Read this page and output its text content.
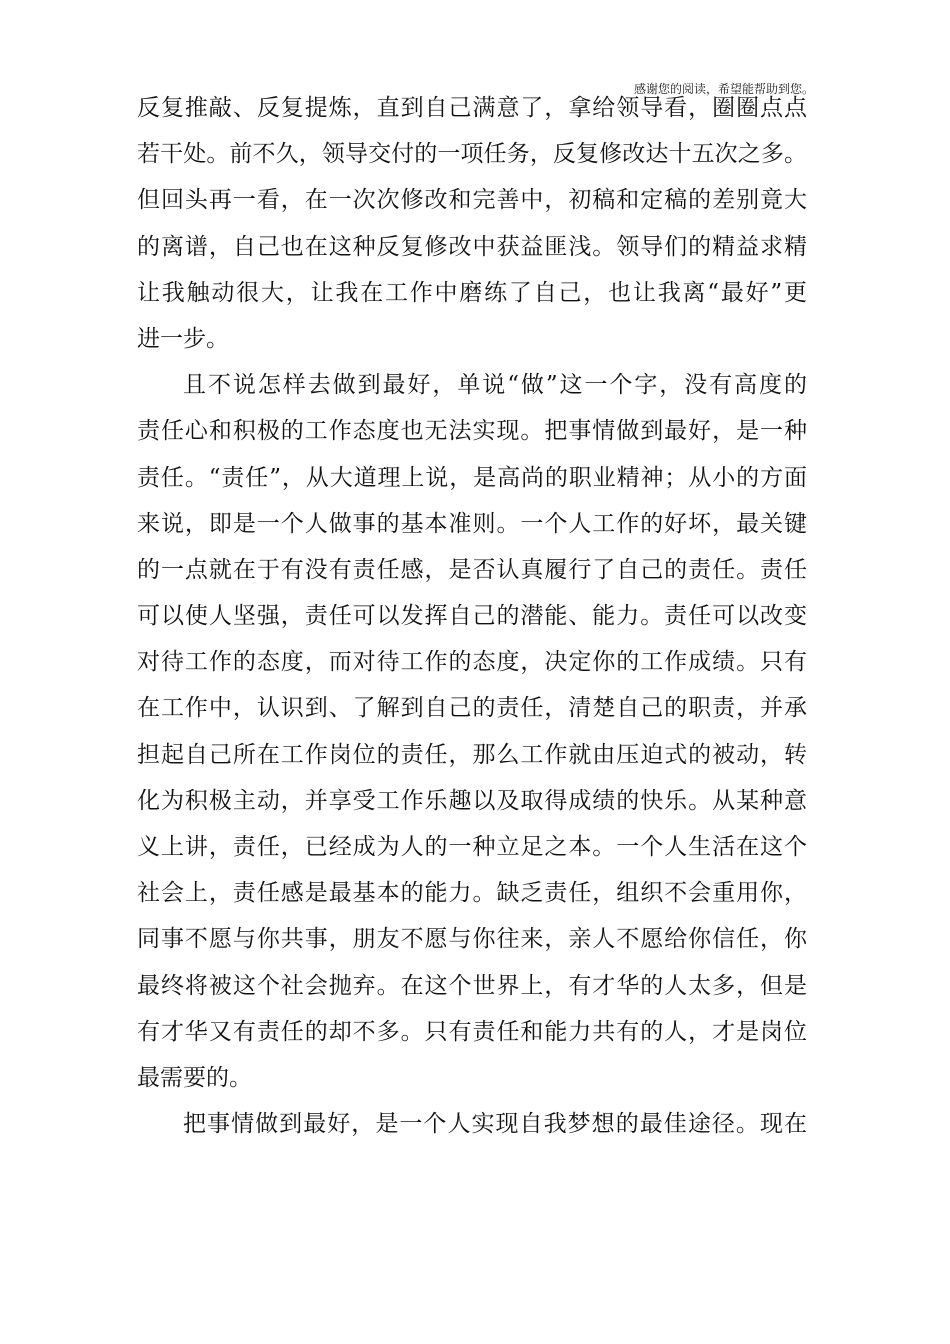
感谢您的阅读，希望能帮助到您。
反复推敲、反复提炼，直到自己满意了，拿给领导看，圈圈点点
若干处。前不久，领导交付的一项任务，反复修改达十五次之多。
但回头再一看，在一次次修改和完善中，初稿和定稿的差别竟大
的离谱，自己也在这种反复修改中获益匪浅。领导们的精益求精
让我触动很大，让我在工作中磨练了自己，也让我离“最好”更
进一步。
且不说怎样去做到最好，单说“做”这一个字，没有高度的
责任心和积极的工作态度也无法实现。把事情做到最好，是一种
责任。“责任”，从大道理上说，是高尚的职业精神；从小的方面
来说，即是一个人做事的基本准则。一个人工作的好坏，最关键
的一点就在于有没有责任感，是否认真履行了自己的责任。责任
可以使人坚强，责任可以发挥自己的潜能、能力。责任可以改变
对待工作的态度，而对待工作的态度，决定你的工作成绩。只有
在工作中，认识到、了解到自己的责任，清楚自己的职责，并承
担起自己所在工作岗位的责任，那么工作就由压迫式的被动，转
化为积极主动，并享受工作乐趣以及取得成绩的快乐。从某种意
义上讲，责任，已经成为人的一种立足之本。一个人生活在这个
社会上，责任感是最基本的能力。缺乏责任，组织不会重用你，
同事不愿与你共事，朋友不愿与你往来，亲人不愿给你信任，你
最终将被这个社会抛弃。在这个世界上，有才华的人太多，但是
有才华又有责任的却不多。只有责任和能力共有的人，才是岗位
最需要的。
把事情做到最好，是一个人实现自我梦想的最佳途径。现在
